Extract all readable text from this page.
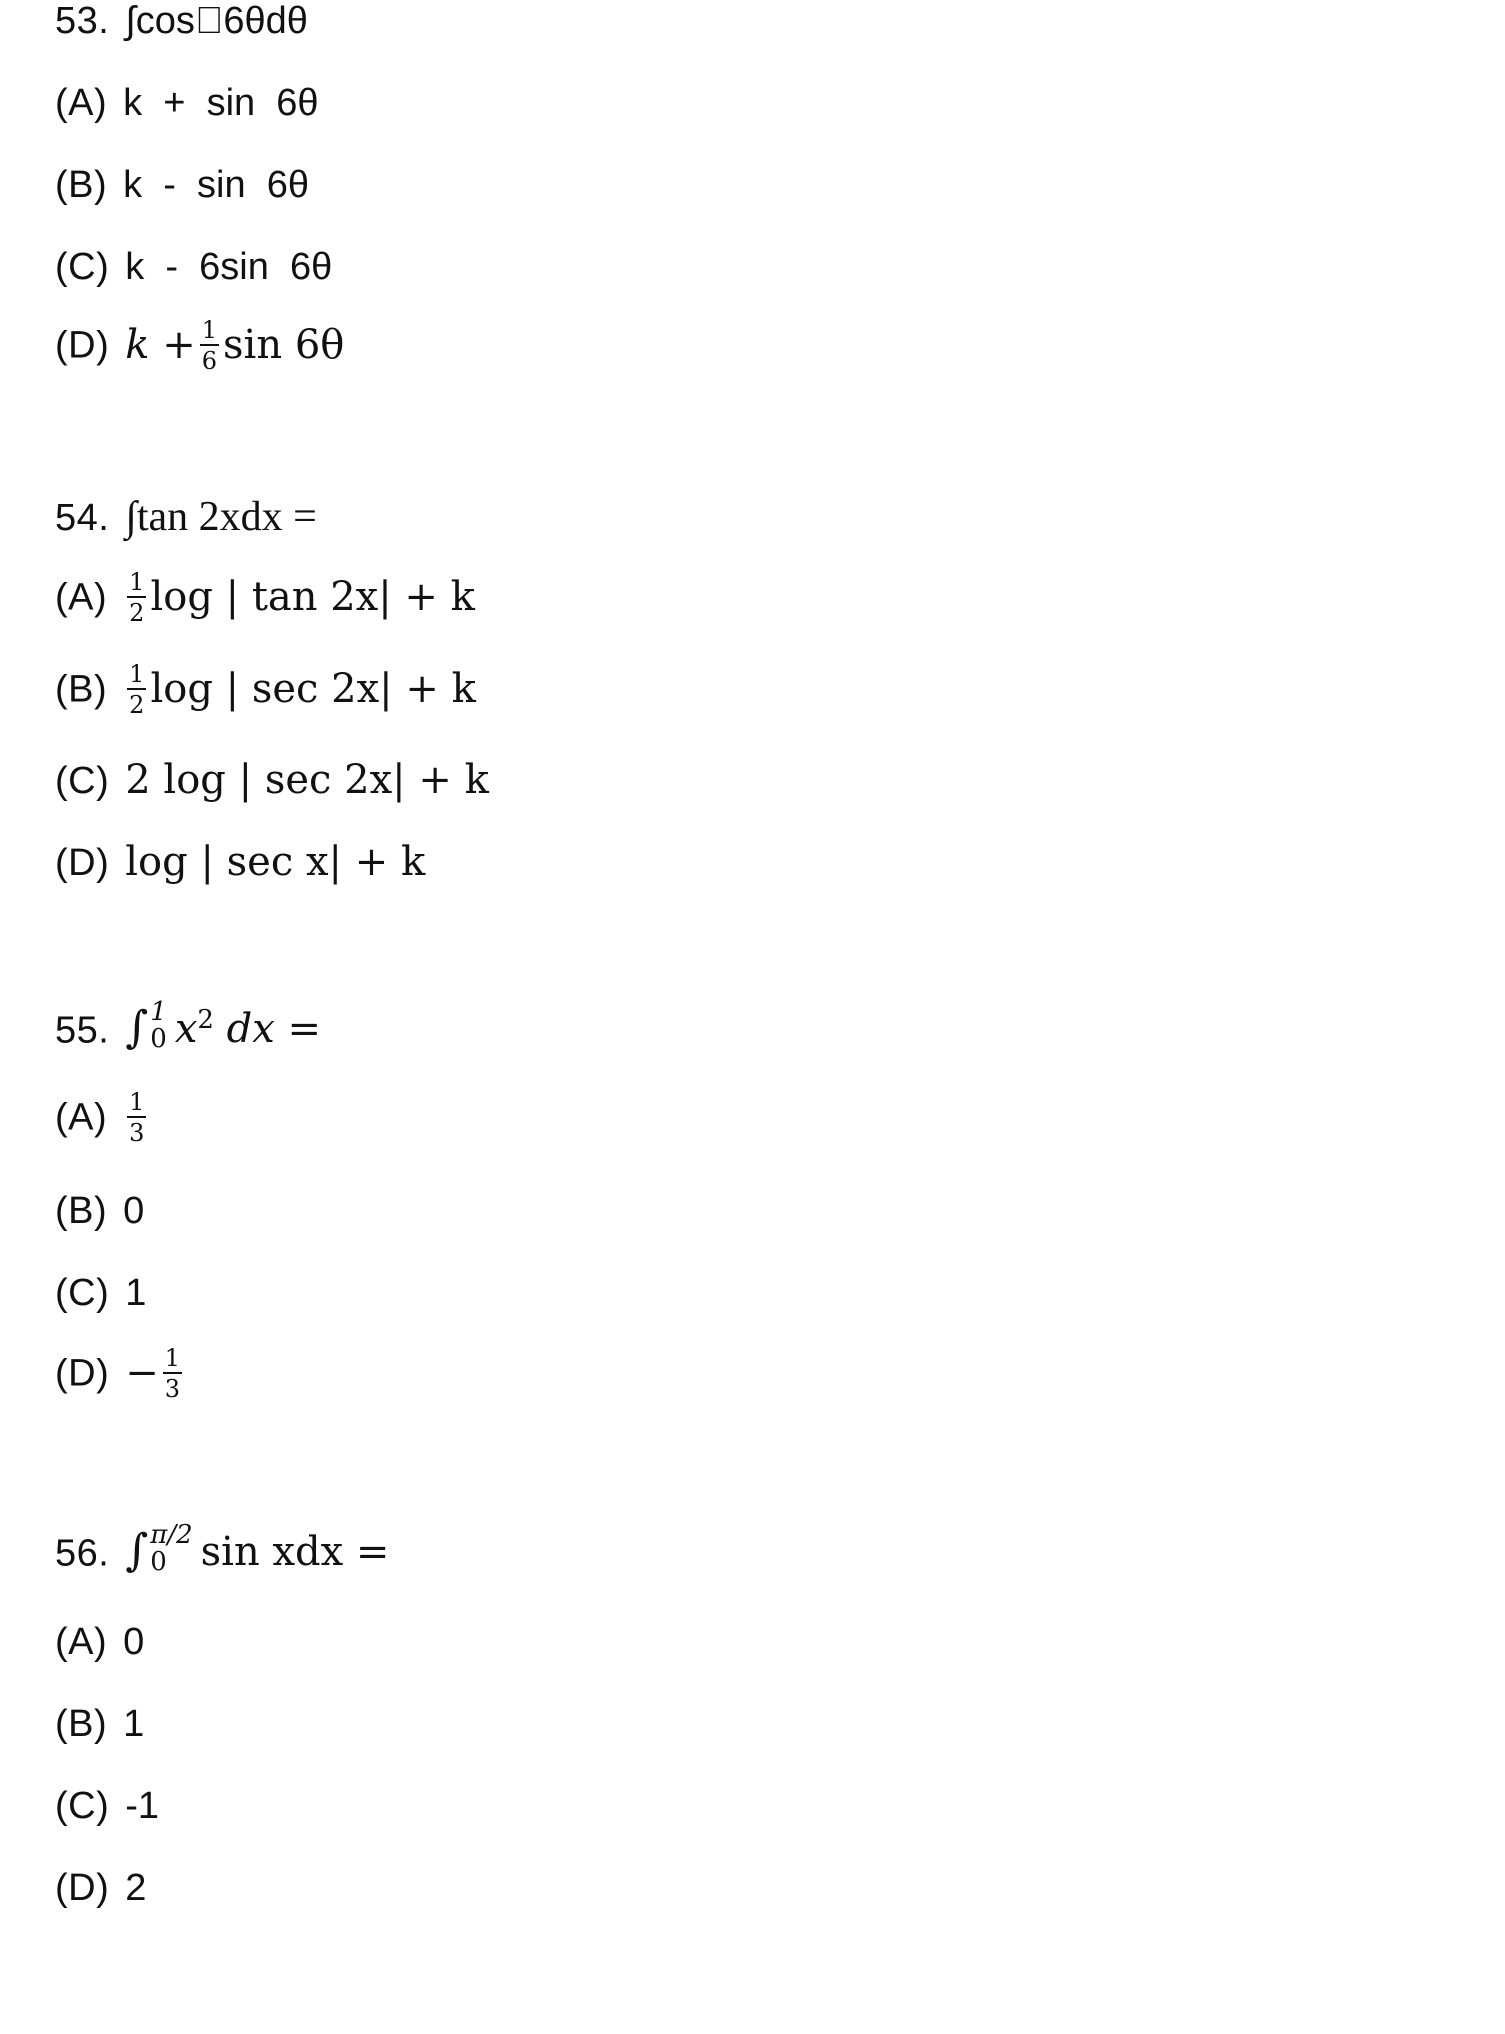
53. ∫cos 6θdθ
(A) k  +  sin  6θ
(B) k  -  sin  6θ
(C) k  -  6sin  6θ
(D) $k + \frac{1}{6}$ sin 6θ
54. ∫tan 2xdx =
$(A) \frac{1}{2}$ log | tan 2x| + k
$(B) \frac{1}{2}$ log | sec 2x| + k
(C) 2 log | sec 2x| + k
(D) log | sec x| + k
55. ∫ 1
0 $x^2$ dx =
$(A) \frac{1}{3}$
(B) 0
(C) 1
$(D) - \frac{1}{3}$
56. ∫ π/2
0 sin xdx =
(A) 0
(B) 1
(C) -1
(D) 2
